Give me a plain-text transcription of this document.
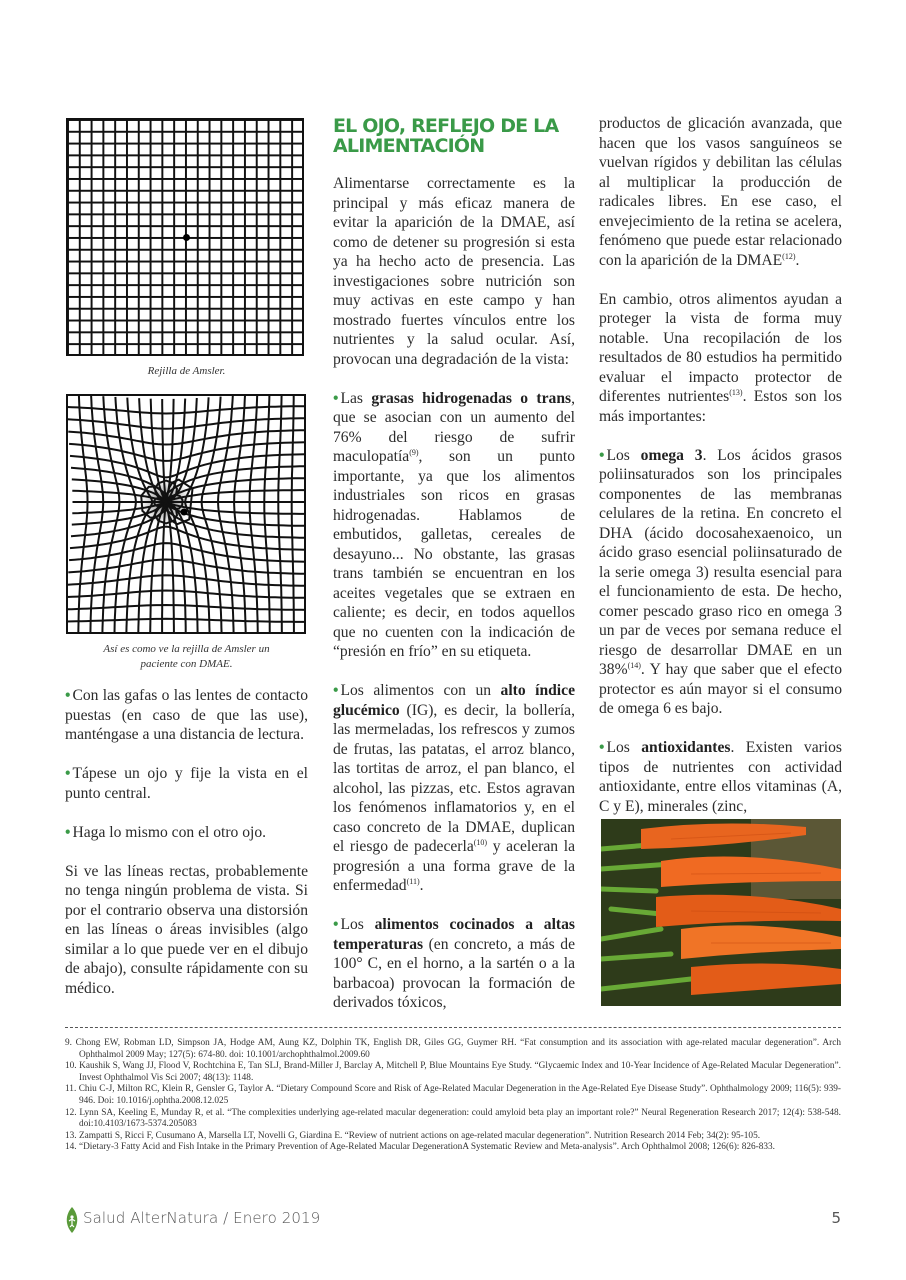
Rejilla de Amsler.
Así es como ve la rejilla de Amsler un paciente con DMAE.

• Con las gafas o las lentes de contacto puestas (en caso de que las use), manténgase a una distancia de lectura.

• Tápese un ojo y fije la vista en el punto central.

• Haga lo mismo con el otro ojo.

Si ve las líneas rectas, probablemente no tenga ningún problema de vista. Si por el contrario observa una distorsión en las líneas o áreas invisibles (algo similar a lo que puede ver en el dibujo de abajo), consulte rápidamente con su médico.

EL OJO, REFLEJO DE LA ALIMENTACIÓN

Alimentarse correctamente es la principal y más eficaz manera de evitar la aparición de la DMAE, así como de detener su progresión si esta ya ha hecho acto de presencia. Las investigaciones sobre nutrición son muy activas en este campo y han mostrado fuertes vínculos entre los nutrientes y la salud ocular. Así, provocan una degradación de la vista:

• Las grasas hidrogenadas o trans, que se asocian con un aumento del 76% del riesgo de sufrir maculopatía$^{(9)}$, son un punto importante, ya que los alimentos industriales son ricos en grasas hidrogenadas. Hablamos de embutidos, galletas, cereales de desayuno... No obstante, las grasas trans también se encuentran en los aceites vegetales que se extraen en caliente; es decir, en todos aquellos que no cuenten con la indicación de “presión en frío” en su etiqueta.

• Los alimentos con un alto índice glucémico (IG), es decir, la bollería, las mermeladas, los refrescos y zumos de frutas, las patatas, el arroz blanco, las tortitas de arroz, el pan blanco, el alcohol, las pizzas, etc. Estos agravan los fenómenos inflamatorios y, en el caso concreto de la DMAE, duplican el riesgo de padecerla$^{(10)}$ y aceleran la progresión a una forma grave de la enfermedad$^{(11)}$.

• Los alimentos cocinados a altas temperaturas (en concreto, a más de 100° C, en el horno, a la sartén o a la barbacoa) provocan la formación de derivados tóxicos,

productos de glicación avanzada, que hacen que los vasos sanguíneos se vuelvan rígidos y debilitan las células al multiplicar la producción de radicales libres. En ese caso, el envejecimiento de la retina se acelera, fenómeno que puede estar relacionado con la aparición de la DMAE$^{(12)}$.

En cambio, otros alimentos ayudan a proteger la vista de forma muy notable. Una recopilación de los resultados de 80 estudios ha permitido evaluar el impacto protector de diferentes nutrientes$^{(13)}$. Estos son los más importantes:

• Los omega 3. Los ácidos grasos poliinsaturados son los principales componentes de las membranas celulares de la retina. En concreto el DHA (ácido docosahexaenoico, un ácido graso esencial poliinsaturado de la serie omega 3) resulta esencial para el funcionamiento de esta. De hecho, comer pescado graso rico en omega 3 un par de veces por semana reduce el riesgo de desarrollar DMAE en un 38%$^{(14)}$. Y hay que saber que el efecto protector es aún mayor si el consumo de omega 6 es bajo.

• Los antioxidantes. Existen varios tipos de nutrientes con actividad antioxidante, entre ellos vitaminas (A, C y E), minerales (zinc,

9. Chong EW, Robman LD, Simpson JA, Hodge AM, Aung KZ, Dolphin TK, English DR, Giles GG, Guymer RH. “Fat consumption and its association with age-related macular degeneration”. Arch Ophthalmol 2009 May; 127(5): 674-80. doi: 10.1001/archophthalmol.2009.60

10. Kaushik S, Wang JJ, Flood V, Rochtchina E, Tan SLJ, Brand-Miller J, Barclay A, Mitchell P, Blue Mountains Eye Study. “Glycaemic Index and 10-Year Incidence of Age-Related Macular Degeneration”. Invest Ophthalmol Vis Sci 2007; 48(13): 1148.

11. Chiu C-J, Milton RC, Klein R, Gensler G, Taylor A. “Dietary Compound Score and Risk of Age-Related Macular Degeneration in the Age-Related Eye Disease Study”. Ophthalmology 2009; 116(5): 939-946. Doi: 10.1016/j.ophtha.2008.12.025

12. Lynn SA, Keeling E, Munday R, et al. “The complexities underlying age-related macular degeneration: could amyloid beta play an important role?” Neural Regeneration Research 2017; 12(4): 538-548. doi:10.4103/1673-5374.205083

13. Zampatti S, Ricci F, Cusumano A, Marsella LT, Novelli G, Giardina E. “Review of nutrient actions on age-related macular degeneration”. Nutrition Research 2014 Feb; 34(2): 95-105.

14. “Dietary-3 Fatty Acid and Fish Intake in the Primary Prevention of Age-Related Macular DegenerationA Systematic Review and Meta-analysis”. Arch Ophthalmol 2008; 126(6): 826-833.

Salud AlterNatura / Enero 2019	5
